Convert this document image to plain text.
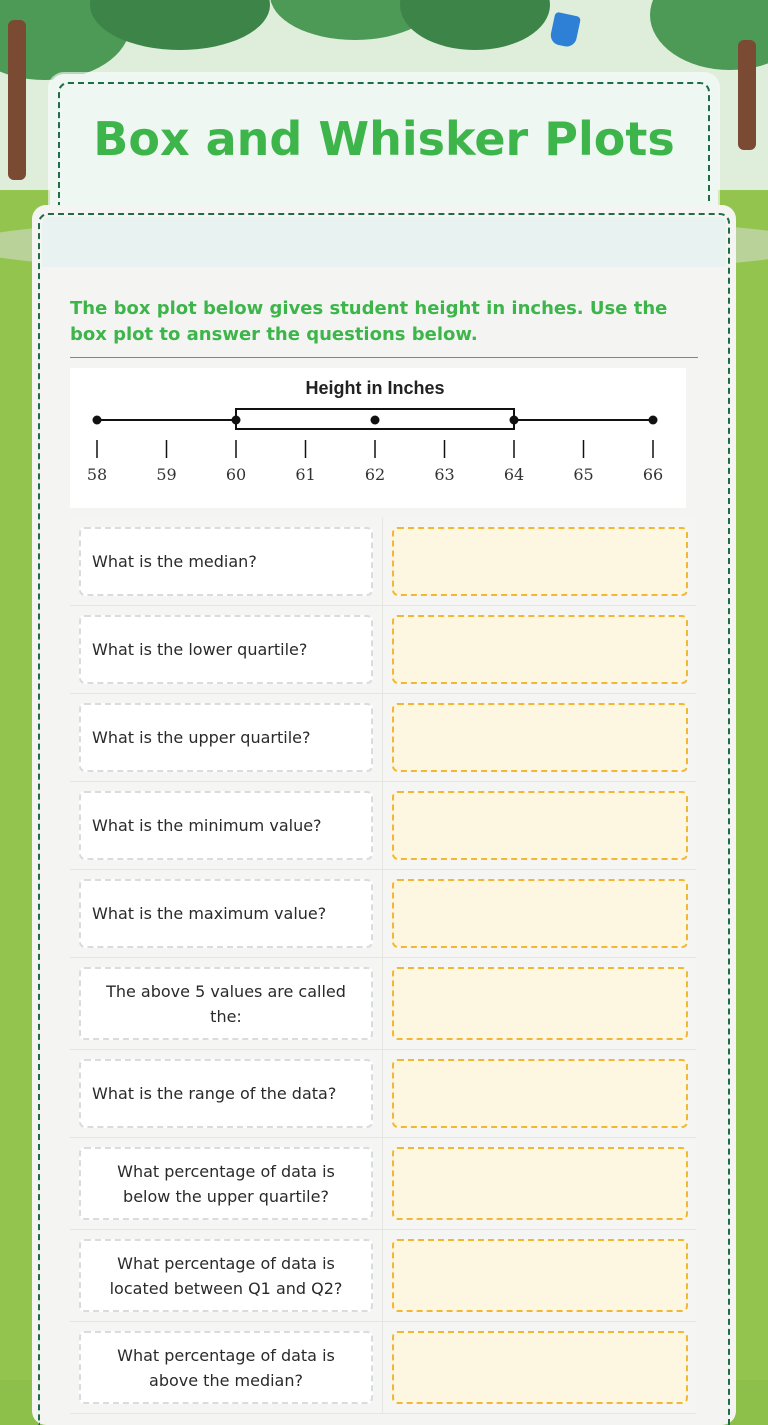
Box and Whisker Plots
The box plot below gives student height in inches. Use the box plot to answer the questions below.
Height in Inches
58	59	60	61	62	63	64	65	66
What is the median?
What is the lower quartile?
What is the upper quartile?
What is the minimum value?
What is the maximum value?
The above 5 values are called the:
What is the range of the data?
What percentage of data is below the upper quartile?
What percentage of data is located between Q1 and Q2?
What percentage of data is above the median?
